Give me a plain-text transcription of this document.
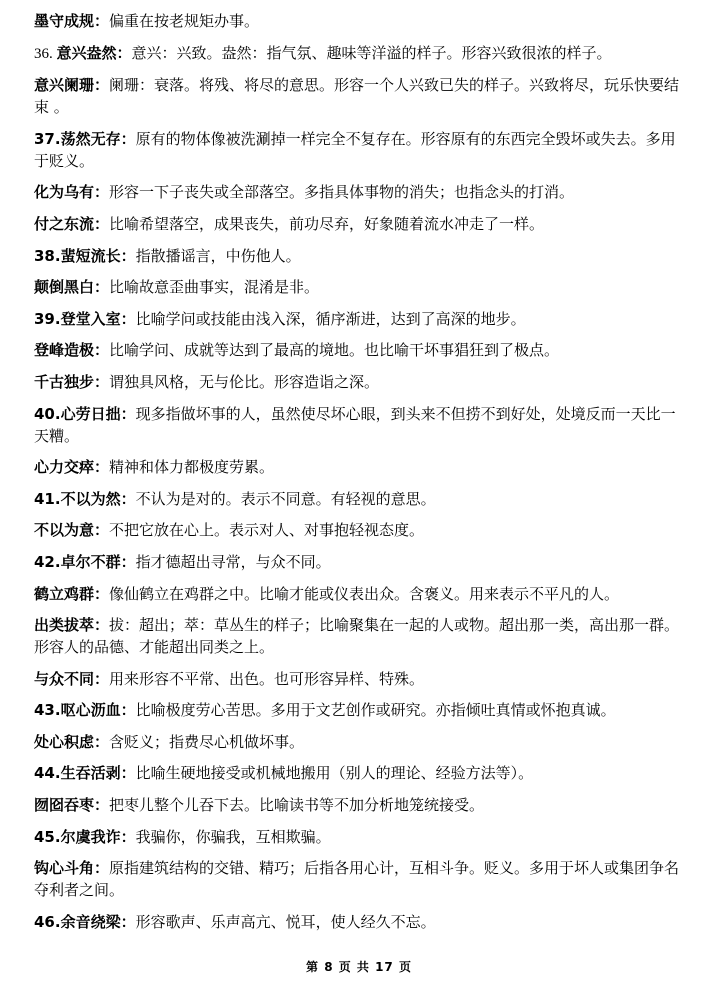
墨守成规：偏重在按老规矩办事。
36. 意兴盎然：意兴：兴致。盎然：指气氛、趣味等洋溢的样子。形容兴致很浓的样子。
意兴阑珊：阑珊：衰落。将残、将尽的意思。形容一个人兴致已失的样子。兴致将尽，玩乐快要结束 。
37.荡然无存：原有的物体像被洗涮掉一样完全不复存在。形容原有的东西完全毁坏或失去。多用于贬义。
化为乌有：形容一下子丧失或全部落空。多指具体事物的消失；也指念头的打消。
付之东流：比喻希望落空，成果丧失，前功尽弃，好象随着流水冲走了一样。
38.蜚短流长：指散播谣言，中伤他人。
颠倒黑白：比喻故意歪曲事实，混淆是非。
39.登堂入室：比喻学问或技能由浅入深，循序渐进，达到了高深的地步。
登峰造极：比喻学问、成就等达到了最高的境地。也比喻干坏事猖狂到了极点。
千古独步：谓独具风格，无与伦比。形容造诣之深。
40.心劳日拙：现多指做坏事的人，虽然使尽坏心眼，到头来不但捞不到好处，处境反而一天比一天糟。
心力交瘁：精神和体力都极度劳累。
41.不以为然：不认为是对的。表示不同意。有轻视的意思。
不以为意：不把它放在心上。表示对人、对事抱轻视态度。
42.卓尔不群：指才德超出寻常，与众不同。
鹤立鸡群：像仙鹤立在鸡群之中。比喻才能或仪表出众。含褒义。用来表示不平凡的人。
出类拔萃：拔：超出；萃：草丛生的样子；比喻聚集在一起的人或物。超出那一类，高出那一群。形容人的品德、才能超出同类之上。
与众不同：用来形容不平常、出色。也可形容异样、特殊。
43.呕心沥血：比喻极度劳心苦思。多用于文艺创作或研究。亦指倾吐真情或怀抱真诚。
处心积虑：含贬义；指费尽心机做坏事。
44.生吞活剥：比喻生硬地接受或机械地搬用（别人的理论、经验方法等）。
囫囵吞枣：把枣儿整个儿吞下去。比喻读书等不加分析地笼统接受。
45.尔虞我诈：我骗你，你骗我，互相欺骗。
钩心斗角：原指建筑结构的交错、精巧；后指各用心计，互相斗争。贬义。多用于坏人或集团争名夺利者之间。
46.余音绕梁：形容歌声、乐声高亢、悦耳，使人经久不忘。
第 8 页 共 17 页
